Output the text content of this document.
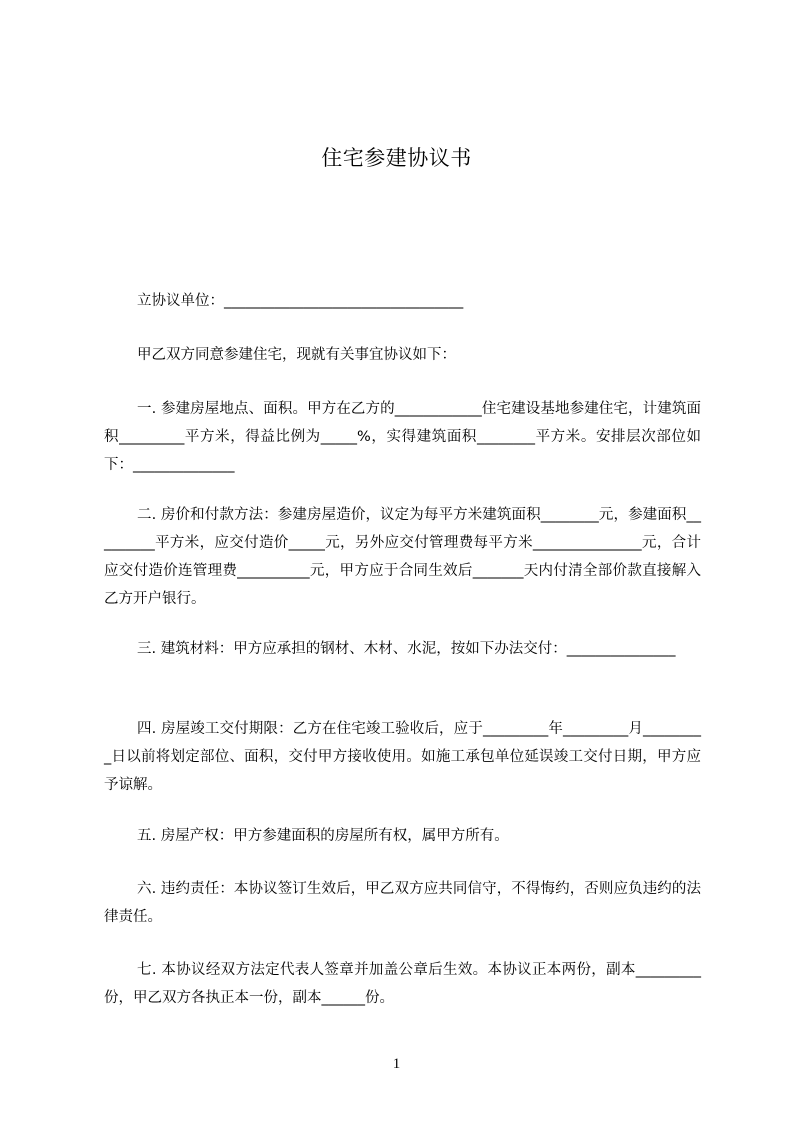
住宅参建协议书
立协议单位：_________________________________
甲乙双方同意参建住宅，现就有关事宜协议如下：
一. 参建房屋地点、面积。甲方在乙方的____________住宅建设基地参建住宅，计建筑面积_________平方米，得益比例为_____%，实得建筑面积________平方米。安排层次部位如下：______________
二. 房价和付款方法：参建房屋造价，议定为每平方米建筑面积________元，参建面积_________平方米，应交付造价_____元，另外应交付管理费每平方米_______________元，合计应交付造价连管理费__________元，甲方应于合同生效后_______天内付清全部价款直接解入乙方开户银行。
三. 建筑材料：甲方应承担的钢材、木材、水泥，按如下办法交付：_______________
四. 房屋竣工交付期限：乙方在住宅竣工验收后，应于_________年_________月_________日以前将划定部位、面积，交付甲方接收使用。如施工承包单位延误竣工交付日期，甲方应予谅解。
五. 房屋产权：甲方参建面积的房屋所有权，属甲方所有。
六. 违约责任：本协议签订生效后，甲乙双方应共同信守，不得悔约，否则应负违约的法律责任。
七. 本协议经双方法定代表人签章并加盖公章后生效。本协议正本两份，副本_________份，甲乙双方各执正本一份，副本______份。
1
